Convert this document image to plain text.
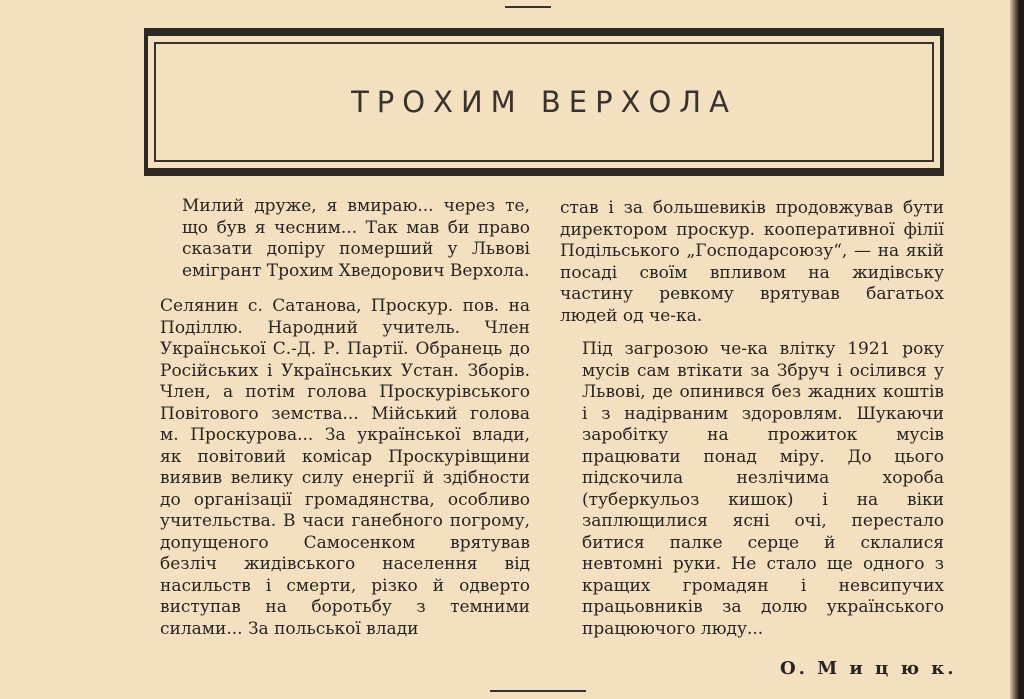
ТРОХИМ ВЕРХОЛА

Милий друже, я вмираю... через те, що був я чесним... Так мав би право сказати допіру померший у Львові емігрант Трохим Хведорович Верхола.

Селянин с. Сатанова, Проскур. пов. на Поділлю. Народний учитель. Член Української С.-Д. Р. Партії. Обранець до Російських і Українських Устан. Зборів. Член, а потім голова Проскурівського Повітового земства... Мійський голова м. Проскурова... За української влади, як повітовий комісар Проскурівщини виявив велику силу енергії й здібности до організації громадянства, особливо учительства. В часи ганебного погрому, допущеного Самосенком врятував безліч жидівського населення від насильств і смерти, різко й одверто виступав на боротьбу з темними силами... За польської влади

став і за большевиків продовжував бути директором проскур. кооперативної філії Подільського „Господарсоюзу“, — на якій посаді своїм впливом на жидівську частину ревкому врятував багатьох людей од че-ка.

Під загрозою че-ка влітку 1921 року мусів сам втікати за Збруч і осілився у Львові, де опинився без жадних коштів і з надірваним здоровлям. Шукаючи заробітку на прожиток мусів працювати понад міру. До цього підскочила незлічима хороба (туберкульоз кишок) і на віки заплющилися ясні очі, перестало битися палке серце й склалися невтомні руки. Не стало ще одного з кращих громадян і невсипучих працьовників за долю українського працюючого люду...

О. М и ц ю к.
